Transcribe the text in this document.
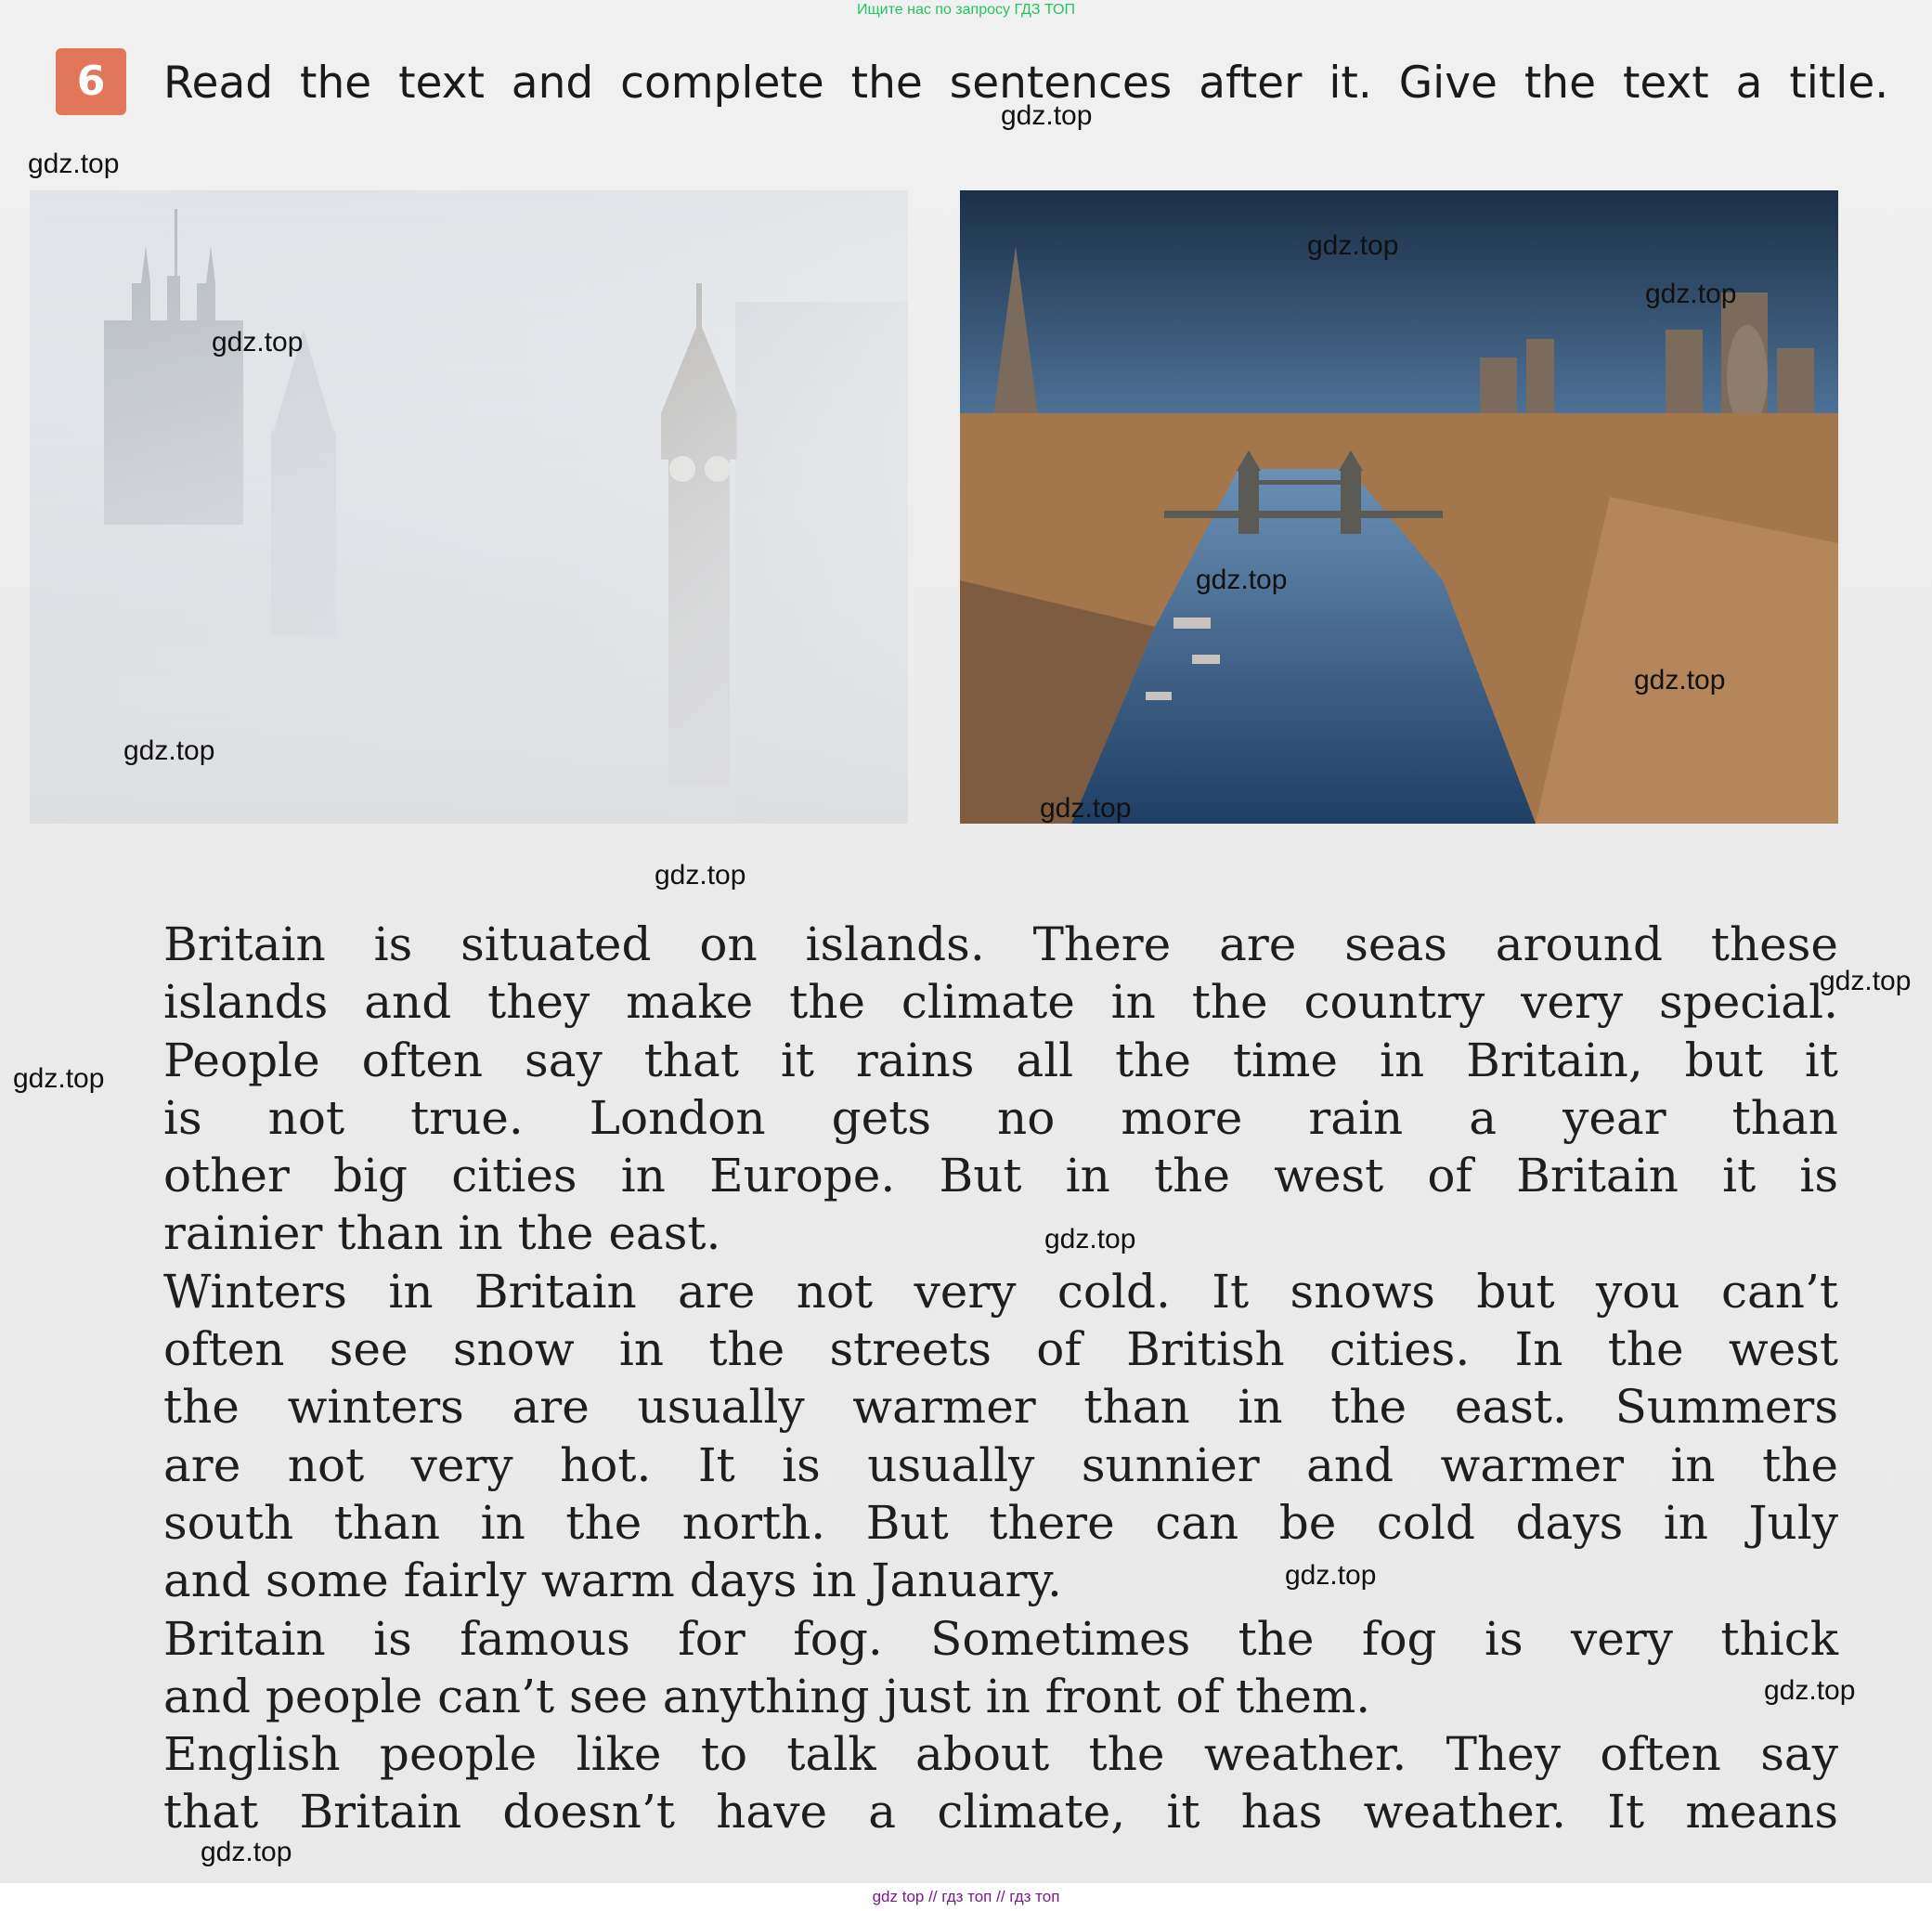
Ищите нас по запросу ГДЗ ТОП
6	Read the text and complete the sentences after it. Give the text a title.
Britain is situated on islands. There are seas around these
islands and they make the climate in the country very special.
People often say that it rains all the time in Britain, but it
is not true. London gets no more rain a year than
other big cities in Europe. But in the west of Britain it is
rainier than in the east.
Winters in Britain are not very cold. It snows but you can’t
often see snow in the streets of British cities. In the west
the winters are usually warmer than in the east. Summers
are not very hot. It is usually sunnier and warmer in the
south than in the north. But there can be cold days in July
and some fairly warm days in January.
Britain is famous for fog. Sometimes the fog is very thick
and people can’t see anything just in front of them.
English people like to talk about the weather. They often say
that Britain doesn’t have a climate, it has weather. It means
gdz.top
gdz.top
gdz.top
gdz.top
gdz.top
gdz.top
gdz.top
gdz.top
gdz.top
gdz.top
gdz.top
gdz.top
gdz.top
gdz.top
gdz.top
gdz.top
gdz top // гдз топ // гдз топ
